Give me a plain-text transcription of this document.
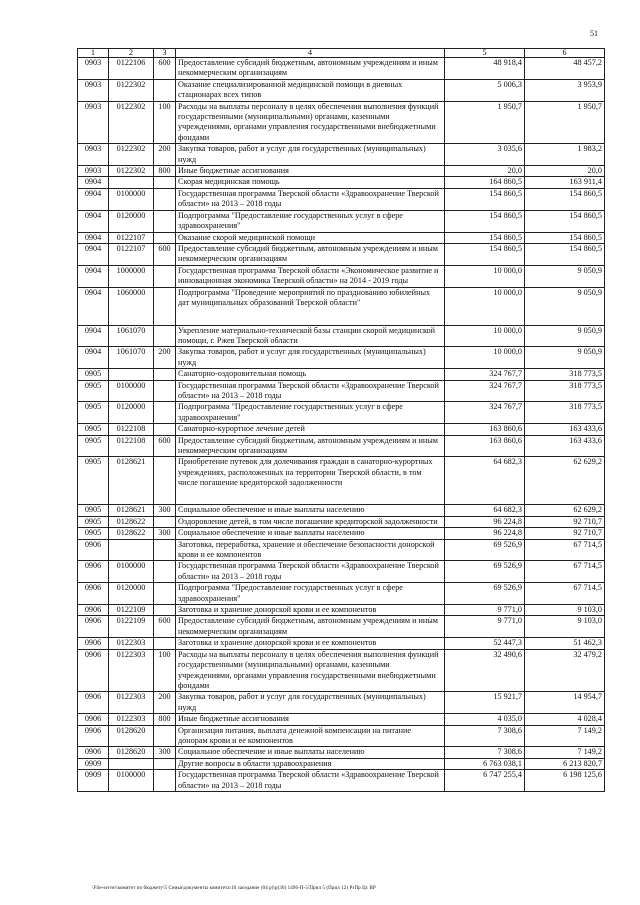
51
1	2	3	4	5	6
0903	0122106	600	Предоставление субсидий бюджетным, автономным учреждениям и иным некоммерческим организациям	48 918,4	48 457,2
0903	0122302		Оказание специализированной медицинской помощи в дневных стационарах всех типов	5 006,3	3 953,9
0903	0122302	100	Расходы на выплаты персоналу в целях обеспечения выполнения функций государственными (муниципальными) органами, казенными учреждениями, органами управления государственными внебюджетными фондами	1 950,7	1 950,7
0903	0122302	200	Закупка товаров, работ и услуг для государственных (муниципальных) нужд	3 035,6	1 983,2
0903	0122302	800	Иные бюджетные ассигнования	20,0	20,0
0904			Скорая медицинская помощь	164 860,5	163 911,4
0904	0100000		Государственная программа Тверской области «Здравоохранение Тверской области» на 2013 – 2018 годы	154 860,5	154 860,5
0904	0120000		Подпрограмма "Предоставление государственных услуг в сфере здравоохранения"	154 860,5	154 860,5
0904	0122107		Оказание скорой медицинской помощи	154 860,5	154 860,5
0904	0122107	600	Предоставление субсидий бюджетным, автономным учреждениям и иным некоммерческим организациям	154 860,5	154 860,5
0904	1000000		Государственная программа Тверской области «Экономическое развитие и инновационная экономика Тверской области» на 2014 - 2019 годы	10 000,0	9 050,9
0904	1060000		Подпрограмма "Проведение мероприятий по празднованию юбилейных дат муниципальных образований Тверской области"	10 000,0	9 050,9
0904	1061070		Укрепление материально-технической базы станции скорой медицинской помощи, г. Ржев Тверской области	10 000,0	9 050,9
0904	1061070	200	Закупка товаров, работ и услуг для государственных (муниципальных) нужд	10 000,0	9 050,9
0905			Санаторно-оздоровительная помощь	324 767,7	318 773,5
0905	0100000		Государственная программа Тверской области «Здравоохранение Тверской области» на 2013 – 2018 годы	324 767,7	318 773,5
0905	0120000		Подпрограмма "Предоставление государственных услуг в сфере здравоохранения"	324 767,7	318 773,5
0905	0122108		Санаторно-курортное лечение детей	163 860,6	163 433,6
0905	0122108	600	Предоставление субсидий бюджетным, автономным учреждениям и иным некоммерческим организациям	163 860,6	163 433,6
0905	0128621		Приобретение путевок для долечивания граждан в санаторно-курортных учреждениях, расположенных на территории Тверской области, в том числе погашение кредиторской задолженности	64 682,3	62 629,2
0905	0128621	300	Социальное обеспечение и иные выплаты населению	64 682,3	62 629,2
0905	0128622		Оздоровление детей, в том числе погашение кредиторской задолженности	96 224,8	92 710,7
0905	0128622	300	Социальное обеспечение и иные выплаты населению	96 224,8	92 710,7
0906			Заготовка, переработка, хранение и обеспечение безопасности донорской крови и ее компонентов	69 526,9	67 714,5
0906	0100000		Государственная программа Тверской области «Здравоохранение Тверской области» на 2013 – 2018 годы	69 526,9	67 714,5
0906	0120000		Подпрограмма "Предоставление государственных услуг в сфере здравоохранения"	69 526,9	67 714,5
0906	0122109		Заготовка и хранение донорской крови и ее компонентов	9 771,0	9 103,0
0906	0122109	600	Предоставление субсидий бюджетным, автономным учреждениям и иным некоммерческим организациям	9 771,0	9 103,0
0906	0122303		Заготовка и хранение донорской крови и ее компонентов	52 447,3	51 462,3
0906	0122303	100	Расходы на выплаты персоналу в целях обеспечения выполнения функций государственными (муниципальными) органами, казенными учреждениями, органами управления государственными внебюджетными фондами	32 490,6	32 479,2
0906	0122303	200	Закупка товаров, работ и услуг для государственных (муниципальных) нужд	15 921,7	14 954,7
0906	0122303	800	Иные бюджетные ассигнования	4 035,0	4 028,4
0906	0128620		Организация питания, выплата денежной компенсации на питание донорам крови и ее компонентов	7 308,6	7 149,2
0906	0128620	300	Социальное обеспечение и иные выплаты населению	7 308,6	7 149,2
0909			Другие вопросы в области здравоохранения	6 763 038,1	6 213 820,7
0909	0100000		Государственная программа Тверской области «Здравоохранение Тверской области» на 2013 – 2018 годы	6 747 255,4	6 198 125,6
\File-server\комитет по бюджету\5 Семья\документы комитета\16 заседание (04 р)\р(36) 1496-П-5\Прил 5 (Прил 12) РзПр Цс ВР
